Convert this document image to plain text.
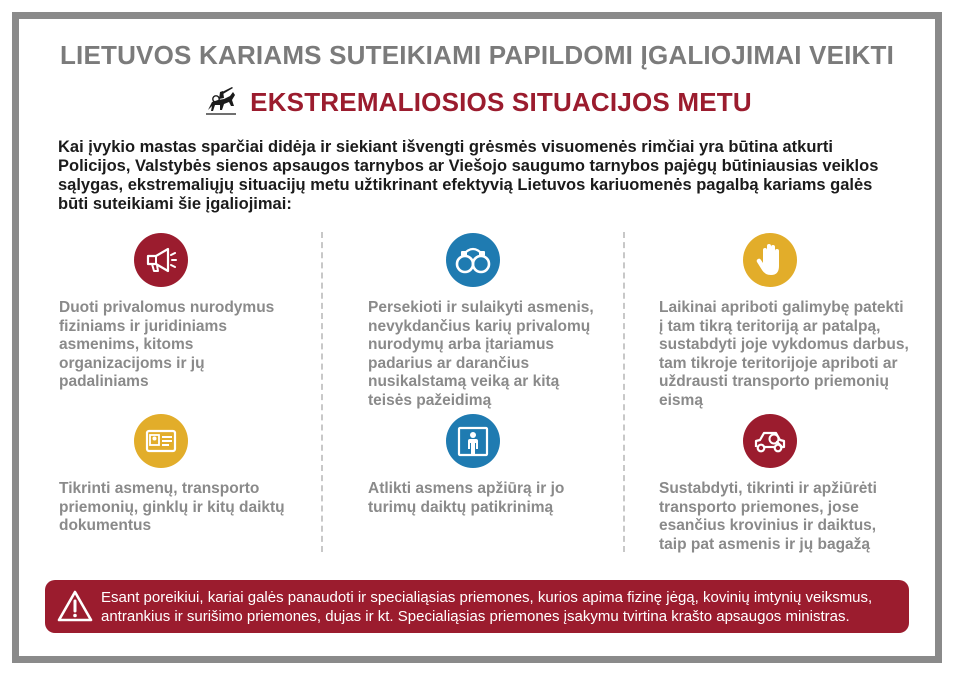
LIETUVOS KARIAMS SUTEIKIAMI PAPILDOMI ĮGALIOJIMAI VEIKTI
EKSTREMALIOSIOS SITUACIJOS METU
Kai įvykio mastas sparčiai didėja ir siekiant išvengti grėsmės visuomenės rimčiai yra būtina atkurti Policijos, Valstybės sienos apsaugos tarnybos ar Viešojo saugumo tarnybos pajėgų būtiniausias veiklos sąlygas, ekstremaliųjų situacijų metu užtikrinant efektyvią Lietuvos kariuomenės pagalbą kariams galės būti suteikiami šie įgaliojimai:
Duoti privalomus nurodymus fiziniams ir juridiniams asmenims, kitoms organizacijoms ir jų padaliniams
Persekioti ir sulaikyti asmenis, nevykdančius karių privalomų nurodymų arba įtariamus padarius ar darančius nusikalstamą veiką ar kitą teisės pažeidimą
Laikinai apriboti galimybę patekti į tam tikrą teritoriją ar patalpą, sustabdyti joje vykdomus darbus, tam tikroje teritorijoje apriboti ar uždrausti transporto priemonių eismą
Tikrinti asmenų, transporto priemonių, ginklų ir kitų daiktų dokumentus
Atlikti asmens apžiūrą ir jo turimų daiktų patikrinimą
Sustabdyti, tikrinti ir apžiūrėti transporto priemones, jose esančius krovinius ir daiktus, taip pat asmenis ir jų bagažą
Esant poreikiui, kariai galės panaudoti ir specialiąsias priemones, kurios apima fizinę jėgą, kovinių imtynių veiksmus, antrankius ir surišimo priemones, dujas ir kt. Specialiąsias priemones įsakymu tvirtina krašto apsaugos ministras.
